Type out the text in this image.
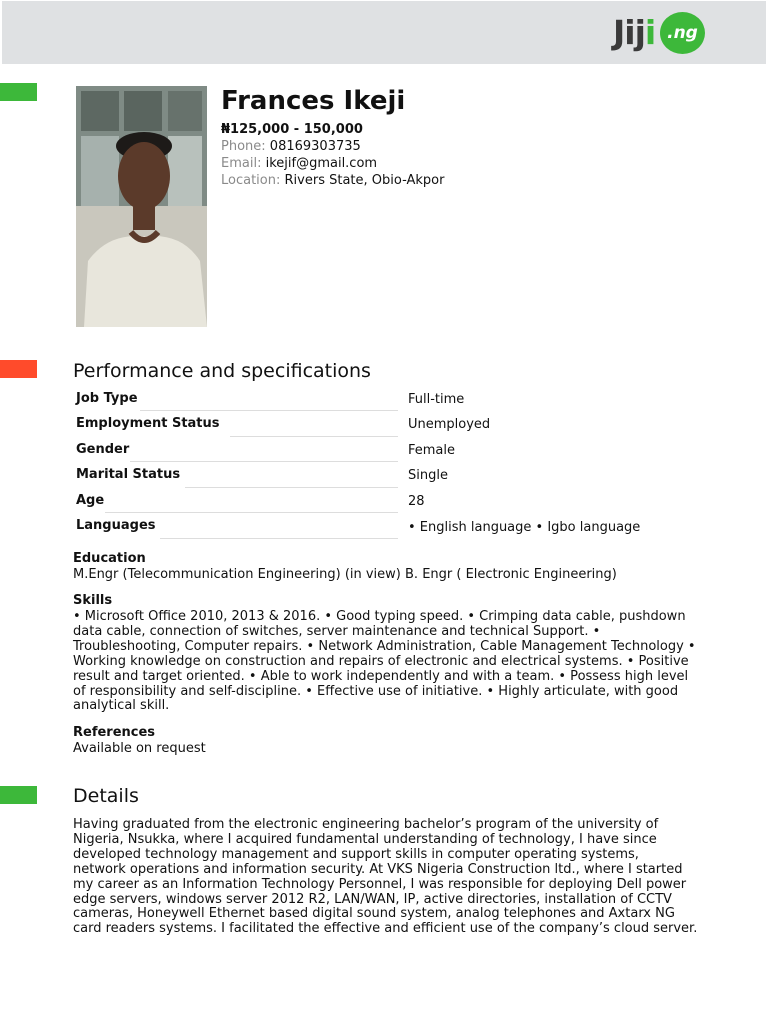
Jiji .ng
Frances Ikeji
₦125,000 - 150,000
Phone: 08169303735
Email: ikejif@gmail.com
Location: Rivers State, Obio-Akpor
Performance and specifications
Job Type	Full-time
Employment Status	Unemployed
Gender	Female
Marital Status	Single
Age	28
Languages	• English language • Igbo language
Education
M.Engr (Telecommunication Engineering) (in view) B. Engr ( Electronic Engineering)
Skills
• Microsoft Office 2010, 2013 & 2016. • Good typing speed. • Crimping data cable, pushdown
data cable, connection of switches, server maintenance and technical Support. •
Troubleshooting, Computer repairs. • Network Administration, Cable Management Technology •
Working knowledge on construction and repairs of electronic and electrical systems. • Positive
result and target oriented. • Able to work independently and with a team. • Possess high level
of responsibility and self-discipline. • Effective use of initiative. • Highly articulate, with good
analytical skill.
References
Available on request
Details
Having graduated from the electronic engineering bachelor’s program of the university of
Nigeria, Nsukka, where I acquired fundamental understanding of technology, I have since
developed technology management and support skills in computer operating systems,
network operations and information security. At VKS Nigeria Construction ltd., where I started
my career as an Information Technology Personnel, I was responsible for deploying Dell power
edge servers, windows server 2012 R2, LAN/WAN, IP, active directories, installation of CCTV
cameras, Honeywell Ethernet based digital sound system, analog telephones and Axtarx NG
card readers systems. I facilitated the effective and efficient use of the company’s cloud server.
